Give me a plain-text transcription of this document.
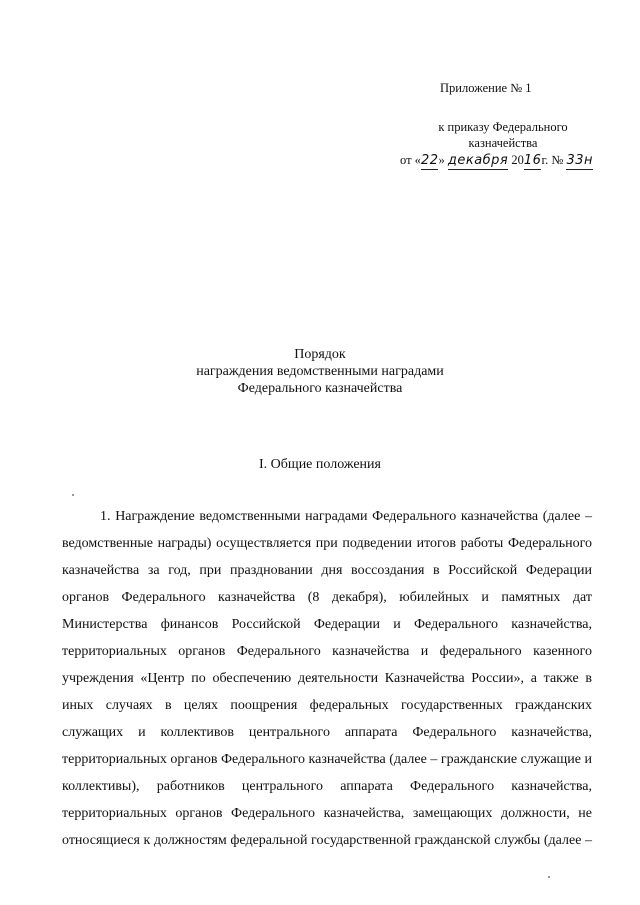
Приложение № 1
к приказу Федерального
казначейства
от «22» декабря 2016г. № 33н
Порядок
награждения ведомственными наградами
Федерального казначейства
I. Общие положения
1. Награждение ведомственными наградами Федерального казначейства (далее – ведомственные награды) осуществляется при подведении итогов работы Федерального казначейства за год, при праздновании дня воссоздания в Российской Федерации органов Федерального казначейства (8 декабря), юбилейных и памятных дат Министерства финансов Российской Федерации и Федерального казначейства, территориальных органов Федерального казначейства и федерального казенного учреждения «Центр по обеспечению деятельности Казначейства России», а также в иных случаях в целях поощрения федеральных государственных гражданских служащих и коллективов центрального аппарата Федерального казначейства, территориальных органов Федерального казначейства (далее – гражданские служащие и коллективы), работников центрального аппарата Федерального казначейства, территориальных органов Федерального казначейства, замещающих должности, не относящиеся к должностям федеральной государственной гражданской службы (далее –
